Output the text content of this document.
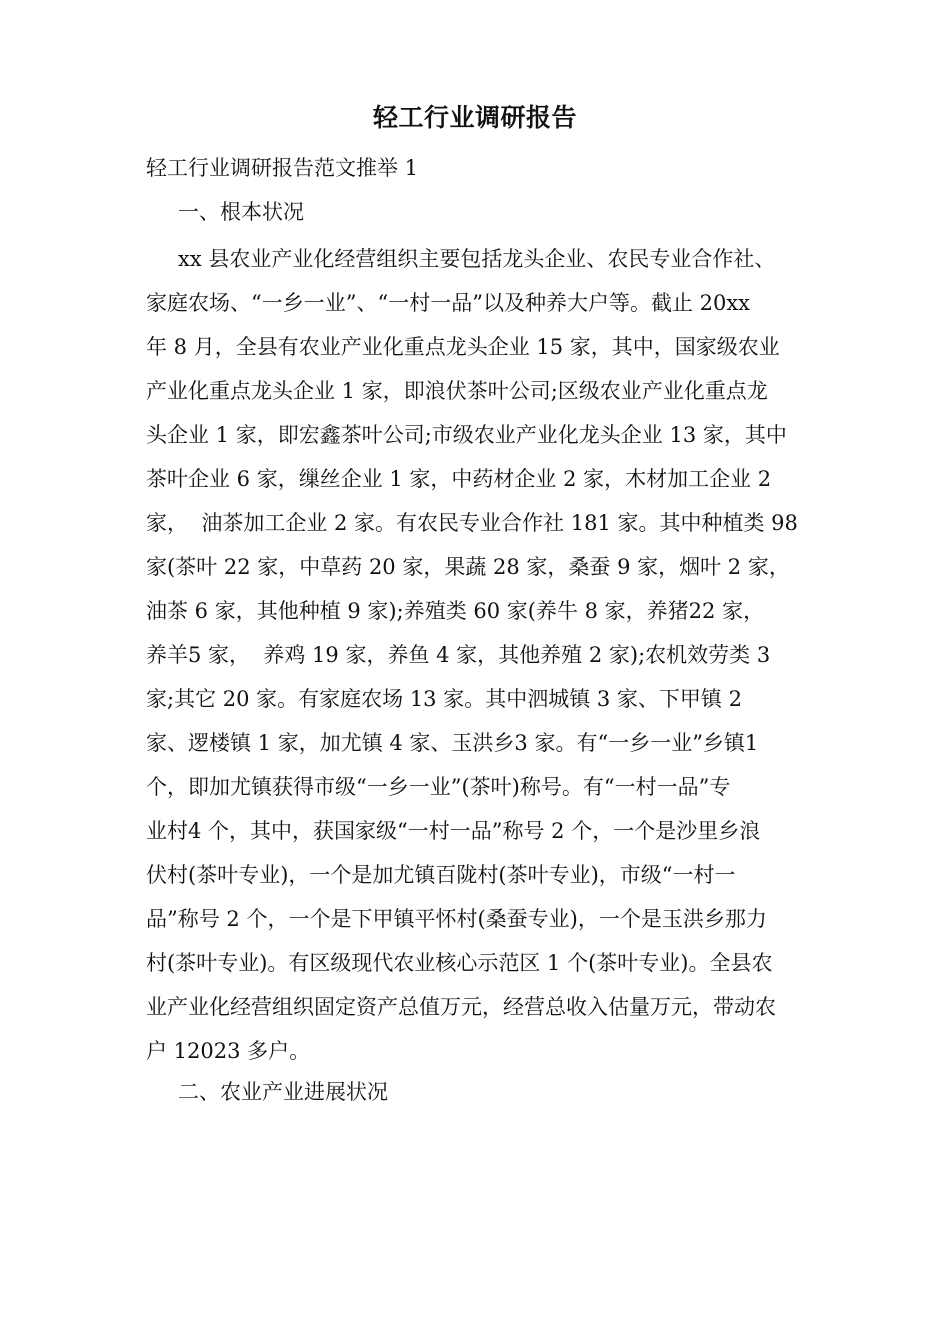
轻工行业调研报告
轻工行业调研报告范文推举 1
一、根本状况
xx 县农业产业化经营组织主要包括龙头企业、农民专业合作社、
家庭农场、“一乡一业”、“一村一品”以及种养大户等。截止 20xx
年 8 月，全县有农业产业化重点龙头企业 15 家，其中，国家级农业
产业化重点龙头企业 1 家，即浪伏茶叶公司;区级农业产业化重点龙
头企业 1 家，即宏鑫茶叶公司;市级农业产业化龙头企业 13 家，其中
茶叶企业 6 家，缫丝企业 1 家，中药材企业 2 家，木材加工企业 2
家，  油茶加工企业 2 家。有农民专业合作社 181 家。其中种植类 98
家(茶叶 22 家，中草药 20 家，果蔬 28 家，桑蚕 9 家，烟叶 2 家，
油茶 6 家，其他种植 9 家);养殖类 60 家(养牛 8 家，养猪22 家，
养羊5 家，  养鸡 19 家，养鱼 4 家，其他养殖 2 家);农机效劳类 3
家;其它 20 家。有家庭农场 13 家。其中泗城镇 3 家、下甲镇 2
家、逻楼镇 1 家，加尤镇 4 家、玉洪乡3 家。有“一乡一业”乡镇1
个，即加尤镇获得市级“一乡一业”(茶叶)称号。有“一村一品”专
业村4 个，其中，获国家级“一村一品”称号 2 个，一个是沙里乡浪
伏村(茶叶专业)，一个是加尤镇百陇村(茶叶专业)，市级“一村一
品”称号 2 个，一个是下甲镇平怀村(桑蚕专业)，一个是玉洪乡那力
村(茶叶专业)。有区级现代农业核心示范区 1 个(茶叶专业)。全县农
业产业化经营组织固定资产总值万元，经营总收入估量万元，带动农
户 12023 多户。
二、农业产业进展状况
